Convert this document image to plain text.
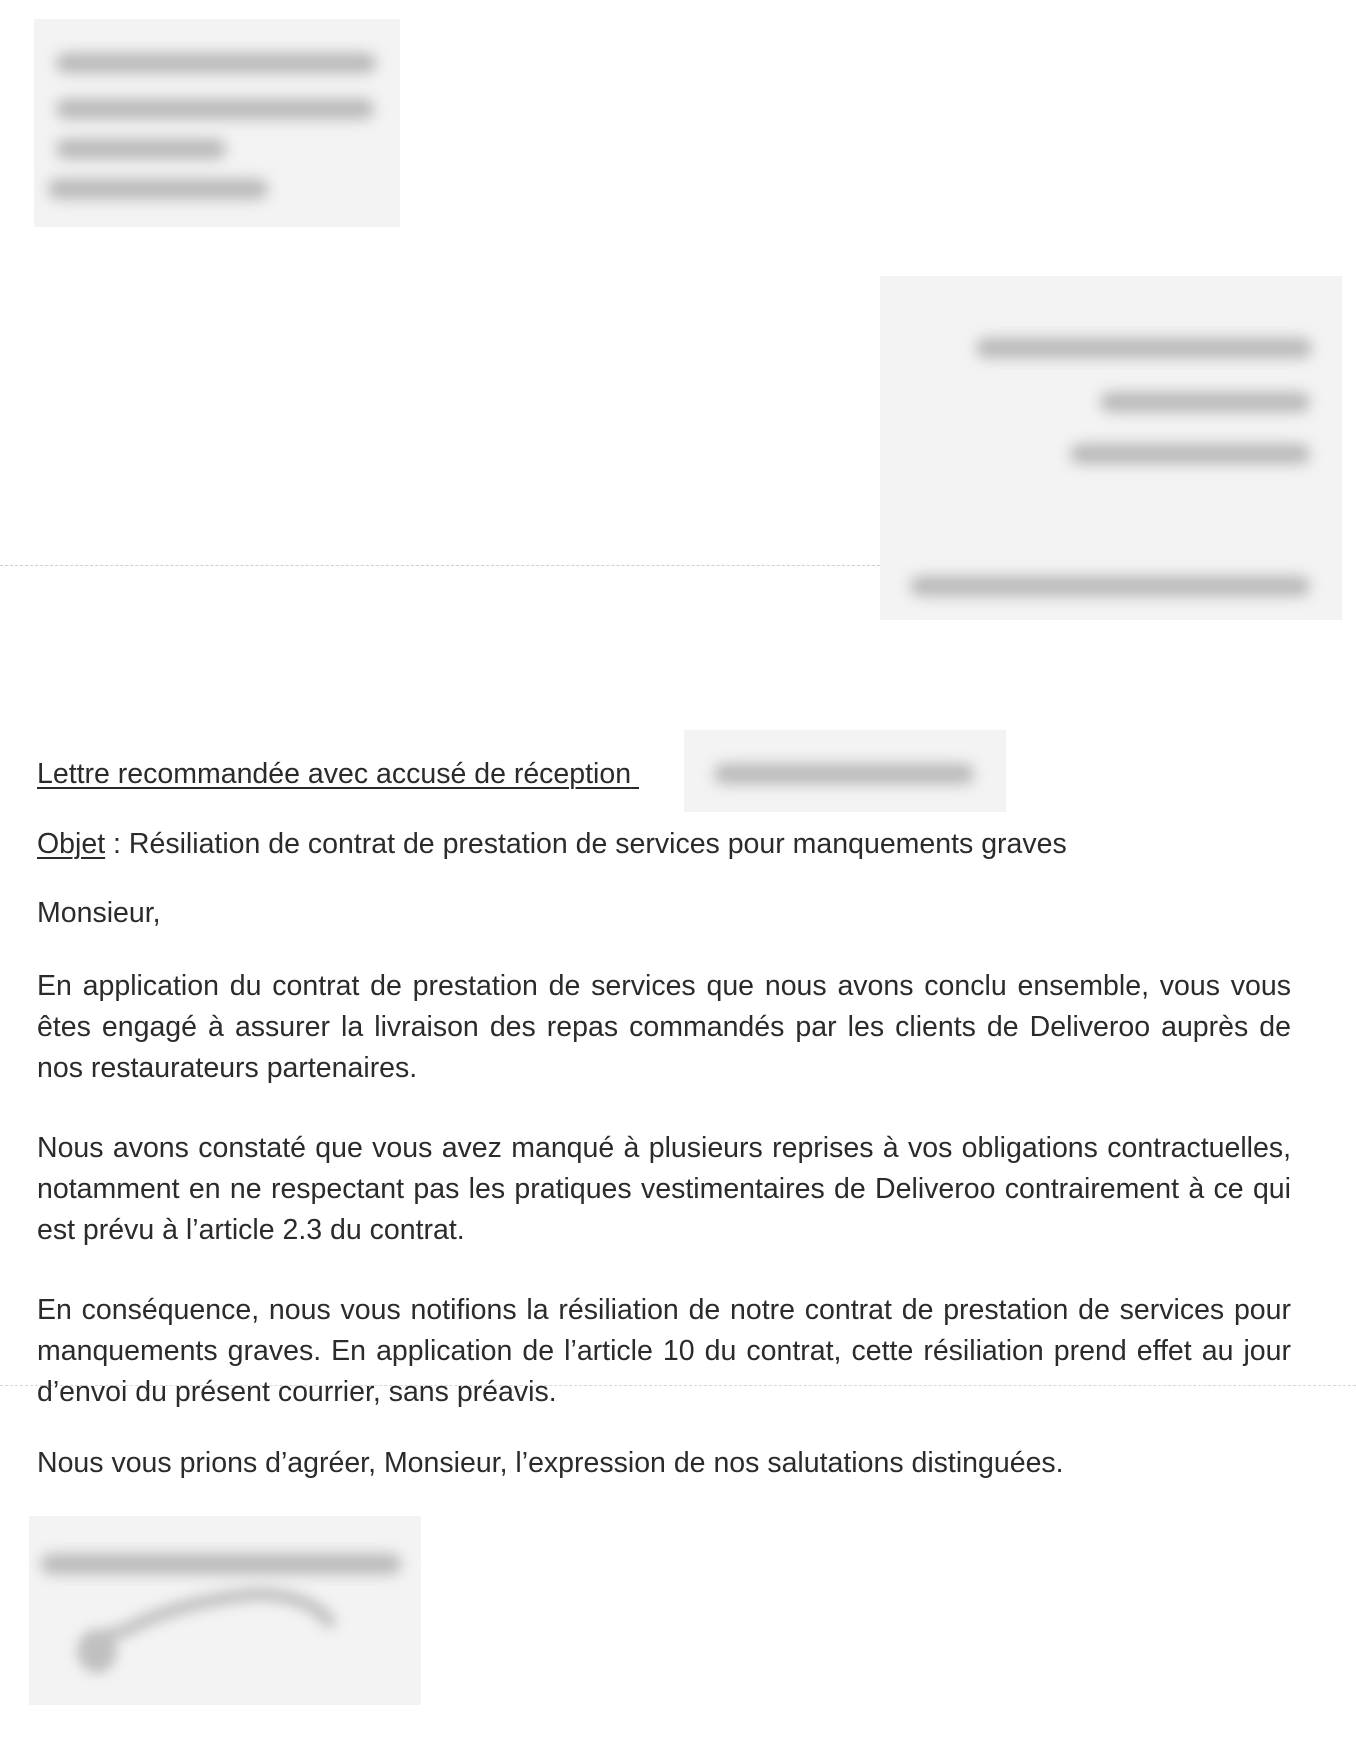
Lettre recommandée avec accusé de réception
Objet : Résiliation de contrat de prestation de services pour manquements graves
Monsieur,
En application du contrat de prestation de services que nous avons conclu ensemble, vous vous êtes engagé à assurer la livraison des repas commandés par les clients de Deliveroo auprès de nos restaurateurs partenaires.
Nous avons constaté que vous avez manqué à plusieurs reprises à vos obligations contractuelles, notamment en ne respectant pas les pratiques vestimentaires de Deliveroo contrairement à ce qui est prévu à l’article 2.3 du contrat.
En conséquence, nous vous notifions la résiliation de notre contrat de prestation de services pour manquements graves. En application de l’article 10 du contrat, cette résiliation prend effet au jour d’envoi du présent courrier, sans préavis.
Nous vous prions d’agréer, Monsieur, l’expression de nos salutations distinguées.
